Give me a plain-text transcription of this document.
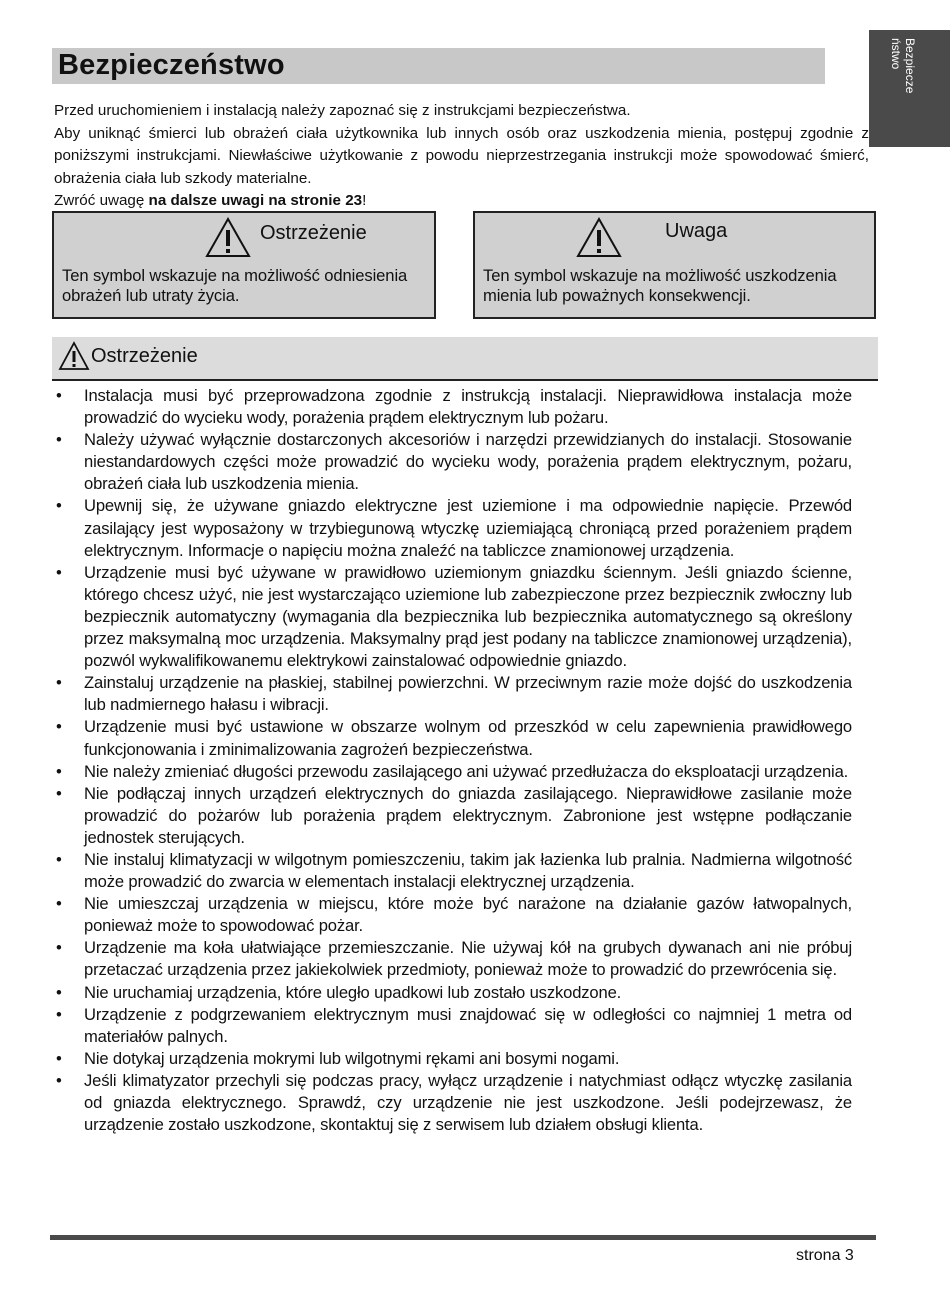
Bezpiecze
ństwo
Bezpieczeństwo

Przed uruchomieniem i instalacją należy zapoznać się z instrukcjami bezpieczeństwa.

Aby uniknąć śmierci lub obrażeń ciała użytkownika lub innych osób oraz uszkodzenia mienia, postępuj zgodnie z poniższymi instrukcjami. Niewłaściwe użytkowanie z powodu nieprzestrzegania instrukcji może spowodować śmierć, obrażenia ciała lub szkody materialne.

Zwróć uwagę na dalsze uwagi na stronie 23!

Ostrzeżenie
Ten symbol wskazuje na możliwość odniesienia obrażeń lub utraty życia.
Uwaga
Ten symbol wskazuje na możliwość uszkodzenia mienia lub poważnych konsekwencji.
Ostrzeżenie
• Instalacja musi być przeprowadzona zgodnie z instrukcją instalacji. Nieprawidłowa instalacja może prowadzić do wycieku wody, porażenia prądem elektrycznym lub pożaru.
• Należy używać wyłącznie dostarczonych akcesoriów i narzędzi przewidzianych do instalacji. Stosowanie niestandardowych części może prowadzić do wycieku wody, porażenia prądem elektrycznym, pożaru, obrażeń ciała lub uszkodzenia mienia.
• Upewnij się, że używane gniazdo elektryczne jest uziemione i ma odpowiednie napięcie. Przewód zasilający jest wyposażony w trzybiegunową wtyczkę uziemiającą chroniącą przed porażeniem prądem elektrycznym. Informacje o napięciu można znaleźć na tabliczce znamionowej urządzenia.
• Urządzenie musi być używane w prawidłowo uziemionym gniazdku ściennym. Jeśli gniazdo ścienne, którego chcesz użyć, nie jest wystarczająco uziemione lub zabezpieczone przez bezpiecznik zwłoczny lub bezpiecznik automatyczny (wymagania dla bezpiecznika lub bezpiecznika automatycznego są określony przez maksymalną moc urządzenia. Maksymalny prąd jest podany na tabliczce znamionowej urządzenia), pozwól wykwalifikowanemu elektrykowi zainstalować odpowiednie gniazdo.
• Zainstaluj urządzenie na płaskiej, stabilnej powierzchni. W przeciwnym razie może dojść do uszkodzenia lub nadmiernego hałasu i wibracji.
• Urządzenie musi być ustawione w obszarze wolnym od przeszkód w celu zapewnienia prawidłowego funkcjonowania i zminimalizowania zagrożeń bezpieczeństwa.
• Nie należy zmieniać długości przewodu zasilającego ani używać przedłużacza do eksploatacji urządzenia.
• Nie podłączaj innych urządzeń elektrycznych do gniazda zasilającego. Nieprawidłowe zasilanie może prowadzić do pożarów lub porażenia prądem elektrycznym. Zabronione jest wstępne podłączanie jednostek sterujących.
• Nie instaluj klimatyzacji w wilgotnym pomieszczeniu, takim jak łazienka lub pralnia. Nadmierna wilgotność może prowadzić do zwarcia w elementach instalacji elektrycznej urządzenia.
• Nie umieszczaj urządzenia w miejscu, które może być narażone na działanie gazów łatwopalnych, ponieważ może to spowodować pożar.
• Urządzenie ma koła ułatwiające przemieszczanie. Nie używaj kół na grubych dywanach ani nie próbuj przetaczać urządzenia przez jakiekolwiek przedmioty, ponieważ może to prowadzić do przewrócenia się.
• Nie uruchamiaj urządzenia, które uległo upadkowi lub zostało uszkodzone.
• Urządzenie z podgrzewaniem elektrycznym musi znajdować się w odległości co najmniej 1 metra od materiałów palnych.
• Nie dotykaj urządzenia mokrymi lub wilgotnymi rękami ani bosymi nogami.
• Jeśli klimatyzator przechyli się podczas pracy, wyłącz urządzenie i natychmiast odłącz wtyczkę zasilania od gniazda elektrycznego. Sprawdź, czy urządzenie nie jest uszkodzone. Jeśli podejrzewasz, że urządzenie zostało uszkodzone, skontaktuj się z serwisem lub działem obsługi klienta.
strona 3
